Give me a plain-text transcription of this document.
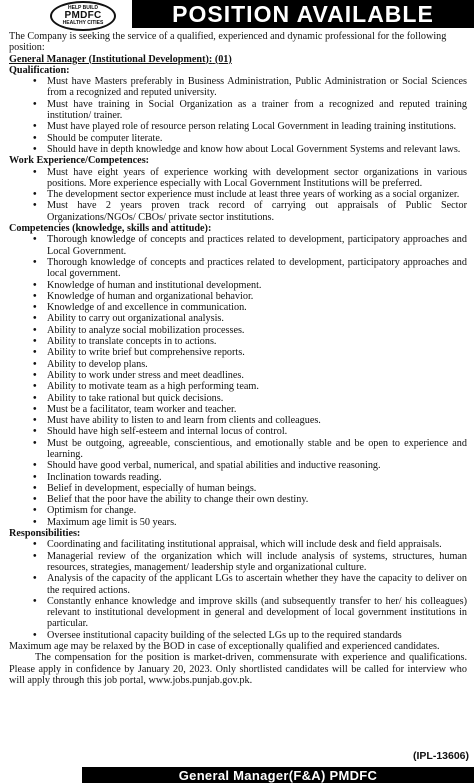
HELP BUILD
PMDFC
HEALTHY CITIES	POSITION AVAILABLE

The Company is seeking the service of a qualified, experienced and dynamic professional for the following position:

General Manager (Institutional Development): (01)

Qualification:

• Must have Masters preferably in Business Administration, Public Administration or Social Sciences from a recognized and reputed university.
• Must have training in Social Organization as a trainer from a recognized and reputed training institution/ trainer.
• Must have played role of resource person relating Local Government in leading training institutions.
• Should be computer literate.
• Should have in depth knowledge and know how about Local Government Systems and relevant laws.

Work Experience/Competences:

• Must have eight years of experience working with development sector organizations in various positions. More experience especially with Local Government Institutions will be preferred.
• The development sector experience must include at least three years of working as a social organizer.
• Must have 2 years proven track record of carrying out appraisals of Public Sector Organizations/NGOs/ CBOs/ private sector institutions.

Competencies (knowledge, skills and attitude):

• Thorough knowledge of concepts and practices related to development, participatory approaches and Local Government.
• Thorough knowledge of concepts and practices related to development, participatory approaches and local government.
• Knowledge of human and institutional development.
• Knowledge of human and organizational behavior.
• Knowledge of and excellence in communication.
• Ability to carry out organizational analysis.
• Ability to analyze social mobilization processes.
• Ability to translate concepts in to actions.
• Ability to write brief but comprehensive reports.
• Ability to develop plans.
• Ability to work under stress and meet deadlines.
• Ability to motivate team as a high performing team.
• Ability to take rational but quick decisions.
• Must be a facilitator, team worker and teacher.
• Must have ability to listen to and learn from clients and colleagues.
• Should have high self-esteem and internal locus of control.
• Must be outgoing, agreeable, conscientious, and emotionally stable and be open to experience and learning.
• Should have good verbal, numerical, and spatial abilities and inductive reasoning.
• Inclination towards reading.
• Belief in development, especially of human beings.
• Belief that the poor have the ability to change their own destiny.
• Optimism for change.
• Maximum age limit is 50 years.

Responsibilities:

• Coordinating and facilitating institutional appraisal, which will include desk and field appraisals.
• Managerial review of the organization which will include analysis of systems, structures, human resources, strategies, management/ leadership style and organizational culture.
• Analysis of the capacity of the applicant LGs to ascertain whether they have the capacity to deliver on the required actions.
• Constantly enhance knowledge and improve skills (and subsequently transfer to her/ his colleagues) relevant to institutional development in general and development of local government institutions in particular.
• Oversee institutional capacity building of the selected LGs up to the required standards

Maximum age may be relaxed by the BOD in case of exceptionally qualified and experienced candidates.

The compensation for the position is market-driven, commensurate with experience and qualifications. Please apply in confidence by January 20, 2023. Only shortlisted candidates will be called for interview who will apply through this job portal, www.jobs.punjab.gov.pk.

(IPL-13606)
General Manager(F&A) PMDFC
